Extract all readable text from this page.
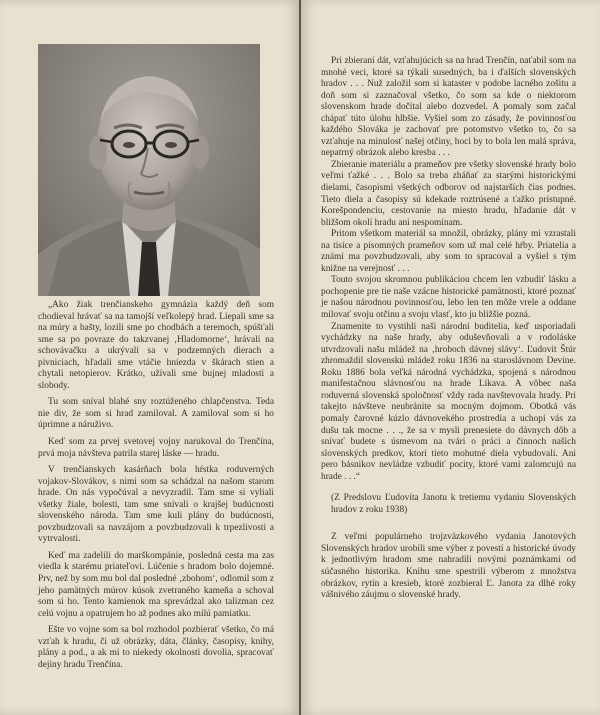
„Ako žiak trenčianskeho gymnázia každý deň som chodieval hrávať sa na tamojší veľkolepý hrad. Liepali sme sa na múry a bašty, lozili sme po chodbách a teremoch, spúšťali sme sa po povraze do takzvanej ‚Hladomorne‘, hrávali na schovávačku a ukrývali sa v podzemných dierach a pivniciach, hľadali sme vtáčie hniezda v škárach stien a chytali netopierov. Krátko, užívali sme bujnej mladosti a slobody.

Tu som sníval blahé sny roztúženého chlapčenstva. Teda nie div, že som si hrad zamiloval. A zamiloval som si ho úprimne a náruživo.

Keď som za prvej svetovej vojny narukoval do Trenčína, prvá moja návšteva patrila starej láske — hradu.

V trenčianskych kasárňach bola hŕstka roduverných vojakov-Slovákov, s nimi som sa schádzal na našom starom hrade. On nás vypočúval a nevyzradil. Tam sme si vyliali všetky žiale, bolesti, tam sme snívali o krajšej budúcnosti slovenského národa. Tam sme kuli plány do budúcnosti, povzbudzovali sa navzájom a povzbudzovali k trpezlivosti a vytrvalosti.

Keď ma zadelili do marškompánie, posledná cesta ma zas viedla k starému priateľovi. Lúčenie s hradom bolo dojemné. Prv, než by som mu bol dal posledné ‚zbohom‘, odlomil som z jeho pamätných múrov kúsok zvetraného kameňa a schoval som si ho. Tento kamienok ma sprevádzal ako talizman cez celú vojnu a opatrujem ho až podnes ako milú pamiatku.

Ešte vo vojne som sa bol rozhodol pozbierať všetko, čo má vzťah k hradu, či už obrázky, dáta, články, časopisy, knihy, plány a pod., a ak mi to niekedy okolnosti dovolia, spracovať dejiny hradu Trenčína.

Pri zbieraní dát, vzťahujúcich sa na hrad Trenčín, naťabil som na mnohé veci, ktoré sa týkali susedných, ba i ďalších slovenských hradov . . . Nuž založil som si kataster v podobe lacného zošitu a doň som si zaznačoval všetko, čo som sa kde o niektorom slovenskom hrade dočítal alebo dozvedel. A pomaly som začal chápať túto úlohu hlbšie. Vyšiel som zo zásady, že povinnosťou každého Slováka je zachovať pre potomstvo všetko to, čo sa vzťahuje na minulosť našej otčiny, hoci by to bola len malá správa, nepatrný obrázok alebo kresba . . .

Zbieranie materiálu a prameňov pre všetky slovenské hrady bolo veľmi ťažké . . . Bolo sa treba zháňať za starými historickými dielami, časopismi všetkých odborov od najstarších čias podnes. Tieto diela a časopisy sú kdekade roztrúsené a ťažko prístupné. Korešpondenciu, cestovanie na miesto hradu, hľadanie dát v bližšom okolí hradu ani nespomínam.

Pritom všetkom materiál sa množil, obrázky, plány mi vzrastali na tisíce a písomných prameňov som už mal celé hŕby. Priatelia a známi ma povzbudzovali, aby som to spracoval a vyšiel s tým knižne na verejnosť . . .

Touto svojou skromnou publikáciou chcem len vzbudiť lásku a pochopenie pre tie naše vzácne historické pamätnosti, ktoré poznať je našou národnou povinnosťou, lebo len ten môže vrele a oddane milovať svoju otčinu a svoju vlasť, kto ju bližšie pozná.

Znamenite to vystihli naši národní buditelia, keď usporiadali vychádzky na naše hrady, aby oduševňovali a v rodoláske utvrdzovali našu mládež na ‚hroboch dávnej slávy‘. Ľudovít Štúr zhromaždil slovenskú mládež roku 1836 na staroslávnom Devíne. Roku 1886 bola veľká národná vychádzka, spojená s národnou manifestačnou slávnosťou na hrade Likava. A vôbec naša roduverná slovenská spoločnosť vždy rada navštevovala hrady. Pri takejto návšteve neubránite sa mocným dojmom. Obotká vás pomaly čarovné kúzlo dávnovekého prostredia a uchopí vás za dušu tak mocne . . ., že sa v mysli prenesiete do dávnych dôb a snívať budete s úsmevom na tvári o práci a činnoch našich slovenských predkov, ktorí tieto mohutné diela vybudovali. Ani pero básnikov nevládze vzbudiť pocity, ktoré vami zalomcujú na hrade . . .“

(Z Predslovu Ľudovíta Janotu k tretiemu vydaniu Slovenských hradov z roku 1938)

Z veľmi populárneho trojzväzkového vydania Janotových Slovenských hradov urobili sme výber z povestí a historické úvody k jednotlivým hradom sme nahradili novými poznámkami od súčasného historika. Knihu sme spestrili výberom z množstva obrázkov, rytín a kresieb, ktoré zozbieral Ľ. Janota za dlhé roky vášnivého záujmu o slovenské hrady.
